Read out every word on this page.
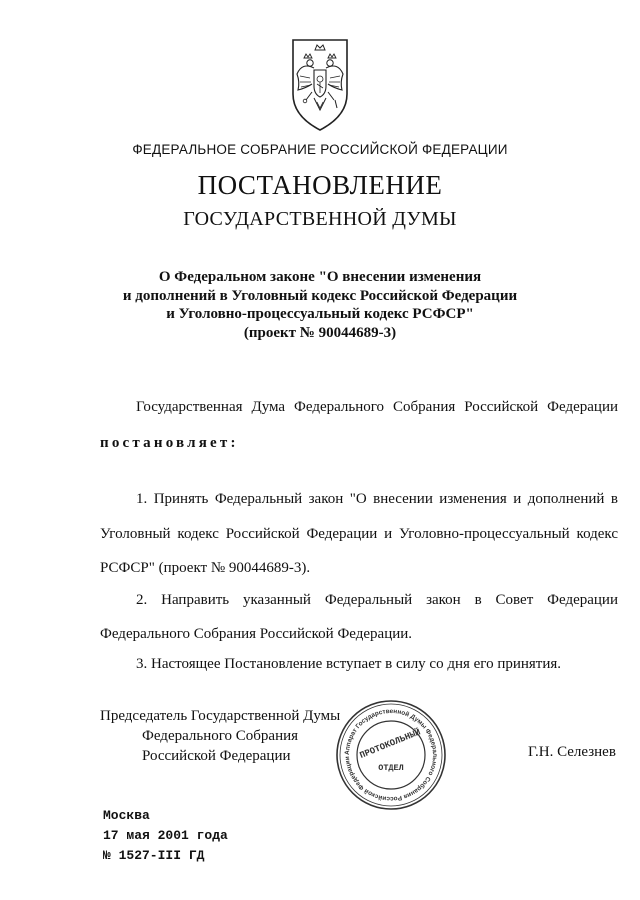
ФЕДЕРАЛЬНОЕ СОБРАНИЕ РОССИЙСКОЙ ФЕДЕРАЦИИ
ПОСТАНОВЛЕНИЕ
ГОСУДАРСТВЕННОЙ ДУМЫ
О Федеральном законе "О внесении изменения
и дополнений в Уголовный кодекс Российской Федерации
и Уголовно-процессуальный кодекс РСФСР"
(проект № 90044689-3)
Государственная Дума Федерального Собрания Российской Федерации
постановляет:
1. Принять Федеральный закон "О внесении изменения и дополнений в
Уголовный кодекс Российской Федерации и Уголовно-процессуальный кодекс
РСФСР" (проект № 90044689-3).
2. Направить указанный Федеральный закон в Совет Федерации
Федерального Собрания Российской Федерации.
3. Настоящее Постановление вступает в силу со дня его принятия.
Председатель Государственной Думы
Федерального Собрания
Российской Федерации	Аппарат Государственной Думы Федерального Собрания Российской Федерации ПРОТОКОЛЬНЫЙ
ОТДЕЛ
Г.Н. Селезнев
Москва
17 мая 2001 года
№ 1527-III ГД
